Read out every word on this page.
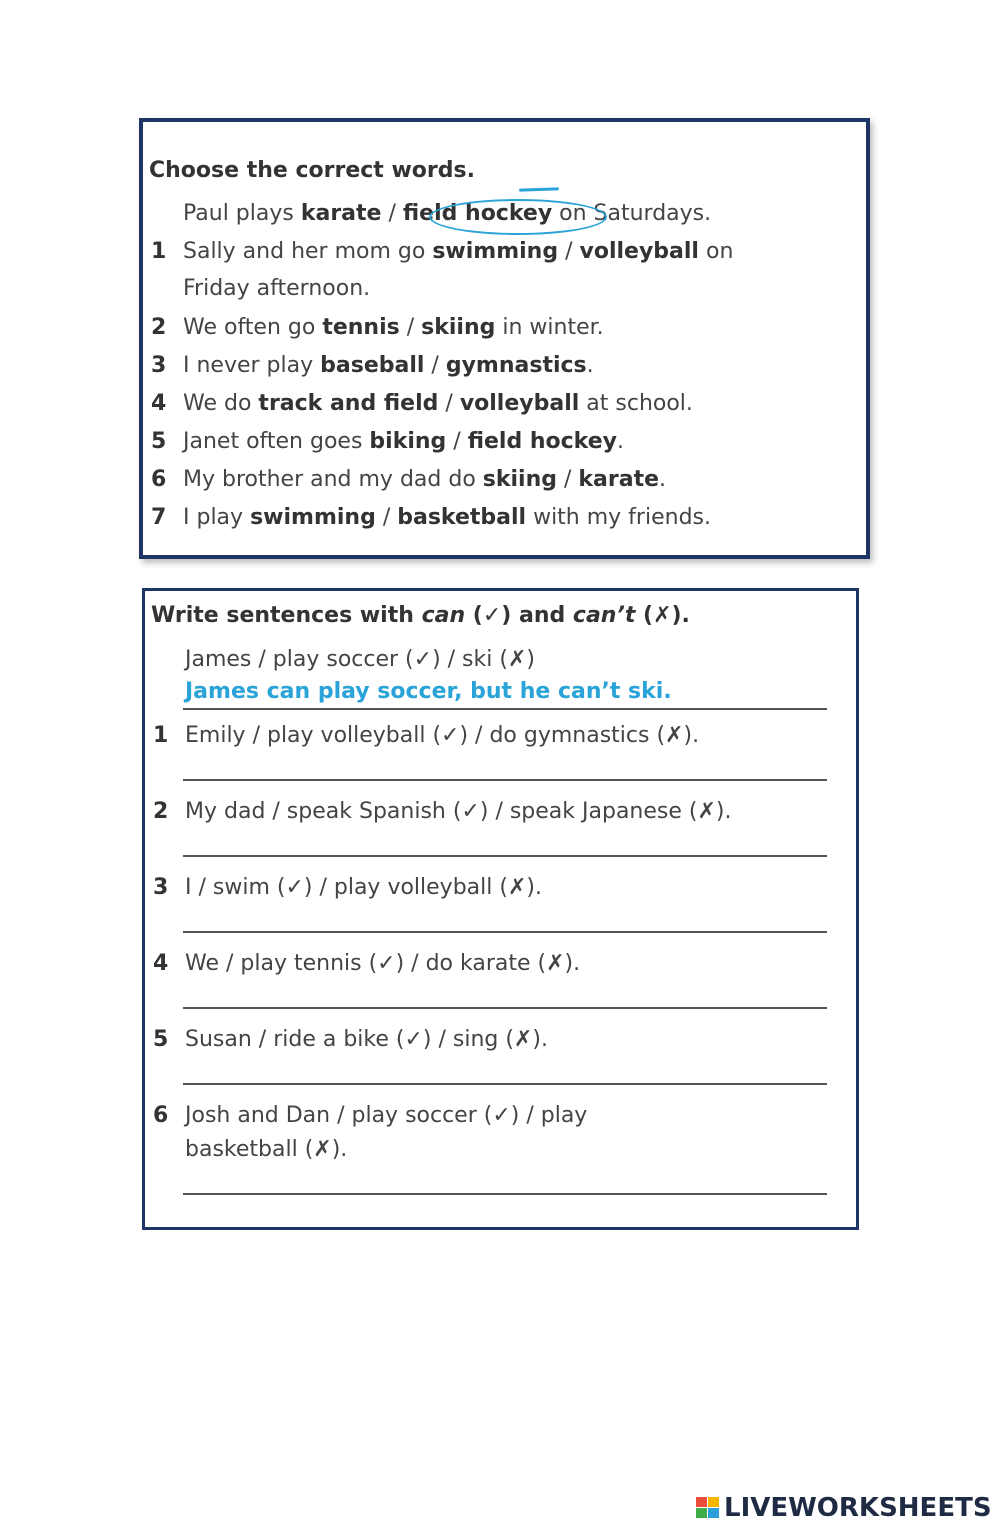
Choose the correct words.
Paul plays karate / field hockey on Saturdays.
1 Sally and her mom go swimming / volleyball on
Friday afternoon.
2 We often go tennis / skiing in winter.
3 I never play baseball / gymnastics.
4 We do track and field / volleyball at school.
5 Janet often goes biking / field hockey.
6 My brother and my dad do skiing / karate.
7 I play swimming / basketball with my friends.
Write sentences with can (✓) and can’t (✗).
James / play soccer (✓) / ski (✗)
James can play soccer, but he can’t ski.
1 Emily / play volleyball (✓) / do gymnastics (✗).
2 My dad / speak Spanish (✓) / speak Japanese (✗).
3 I / swim (✓) / play volleyball (✗).
4 We / play tennis (✓) / do karate (✗).
5 Susan / ride a bike (✓) / sing (✗).
6 Josh and Dan / play soccer (✓) / play
basketball (✗).
LIVEWORKSHEETS
